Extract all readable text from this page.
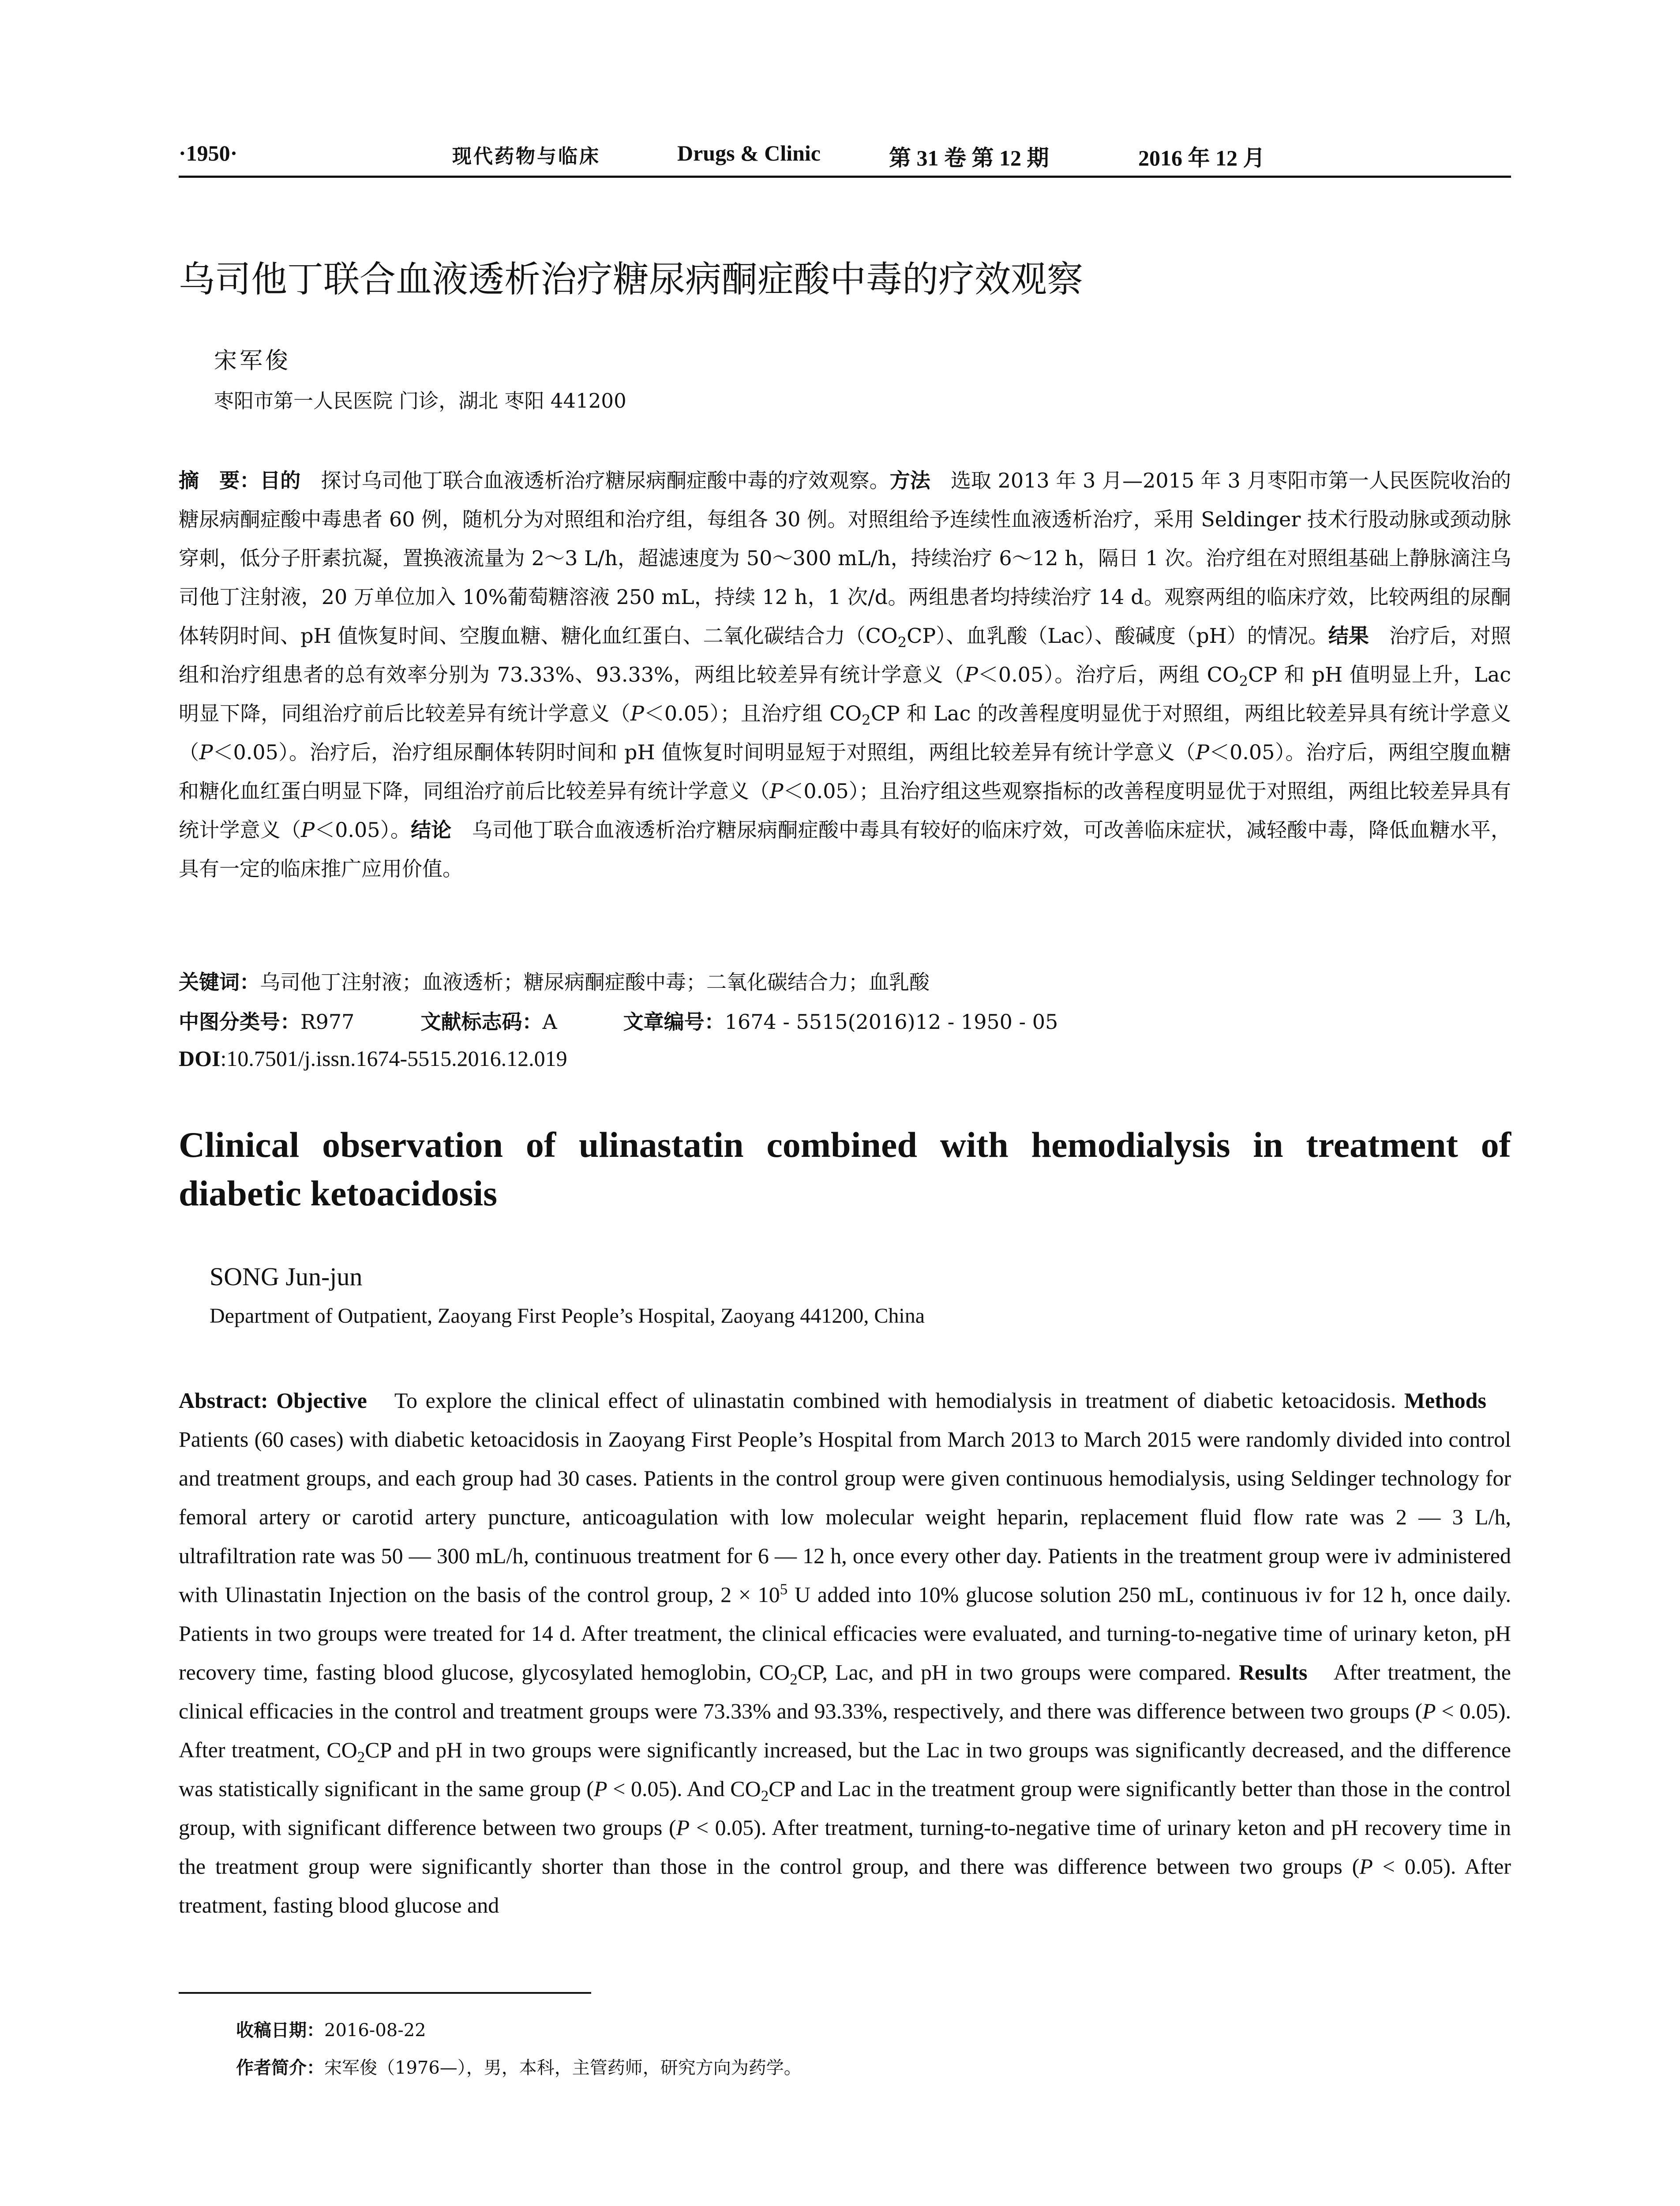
·1950·	现代药物与临床	Drugs & Clinic	第 31 卷 第 12 期	2016 年 12 月
乌司他丁联合血液透析治疗糖尿病酮症酸中毒的疗效观察
宋军俊
枣阳市第一人民医院 门诊，湖北 枣阳 441200

摘　要：目的　探讨乌司他丁联合血液透析治疗糖尿病酮症酸中毒的疗效观察。方法　选取 2013 年 3 月—2015 年 3 月枣阳市第一人民医院收治的糖尿病酮症酸中毒患者 60 例，随机分为对照组和治疗组，每组各 30 例。对照组给予连续性血液透析治疗，采用 Seldinger 技术行股动脉或颈动脉穿刺，低分子肝素抗凝，置换液流量为 2～3 L/h，超滤速度为 50～300 mL/h，持续治疗 6～12 h，隔日 1 次。治疗组在对照组基础上静脉滴注乌司他丁注射液，20 万单位加入 10%葡萄糖溶液 250 mL，持续 12 h，1 次/d。两组患者均持续治疗 14 d。观察两组的临床疗效，比较两组的尿酮体转阴时间、pH 值恢复时间、空腹血糖、糖化血红蛋白、二氧化碳结合力$(CO_2CP)$、血乳酸（Lac）、酸碱度（pH）的情况。结果　治疗后，对照组和治疗组患者的总有效率分别为 73.33%、93.33%，两组比较差异有统计学意义（P＜0.05）。治疗后，两组 $CO_2CP$ 和 pH 值明显上升，Lac 明显下降，同组治疗前后比较差异有统计学意义（P＜0.05）；且治疗组 $CO_2CP$ 和 Lac 的改善程度明显优于对照组，两组比较差异具有统计学意义（P＜0.05）。治疗后，治疗组尿酮体转阴时间和 pH 值恢复时间明显短于对照组，两组比较差异有统计学意义（P＜0.05）。治疗后，两组空腹血糖和糖化血红蛋白明显下降，同组治疗前后比较差异有统计学意义（P＜0.05）；且治疗组这些观察指标的改善程度明显优于对照组，两组比较差异具有统计学意义（P＜0.05）。结论　乌司他丁联合血液透析治疗糖尿病酮症酸中毒具有较好的临床疗效，可改善临床症状，减轻酸中毒，降低血糖水平，具有一定的临床推广应用价值。

关键词：乌司他丁注射液；血液透析；糖尿病酮症酸中毒；二氧化碳结合力；血乳酸
中图分类号：R977	文献标志码：A	文章编号：1674 - 5515(2016)12 - 1950 - 05
DOI:10.7501/j.issn.1674-5515.2016.12.019
Clinical observation of ulinastatin combined with hemodialysis in treatment of diabetic ketoacidosis
SONG Jun-jun
Department of Outpatient, Zaoyang First People’s Hospital, Zaoyang 441200, China

Abstract: Objective　To explore the clinical effect of ulinastatin combined with hemodialysis in treatment of diabetic ketoacidosis. Methods　Patients (60 cases) with diabetic ketoacidosis in Zaoyang First People’s Hospital from March 2013 to March 2015 were randomly divided into control and treatment groups, and each group had 30 cases. Patients in the control group were given continuous hemodialysis, using Seldinger technology for femoral artery or carotid artery puncture, anticoagulation with low molecular weight heparin, replacement fluid flow rate was 2 — 3 L/h, ultrafiltration rate was 50 — 300 mL/h, continuous treatment for 6 — 12 h, once every other day. Patients in the treatment group were iv administered with Ulinastatin Injection on the basis of the control group, $2 \times 10^5$ U added into 10% glucose solution 250 mL, continuous iv for 12 h, once daily. Patients in two groups were treated for 14 d. After treatment, the clinical efficacies were evaluated, and turning-to-negative time of urinary keton, pH recovery time, fasting blood glucose, glycosylated hemoglobin, $CO_2CP$, Lac, and pH in two groups were compared. Results　After treatment, the clinical efficacies in the control and treatment groups were 73.33% and 93.33%, respectively, and there was difference between two groups (P < 0.05). After treatment, $CO_2CP$ and pH in two groups were significantly increased, but the Lac in two groups was significantly decreased, and the difference was statistically significant in the same group (P < 0.05). And $CO_2CP$ and Lac in the treatment group were significantly better than those in the control group, with significant difference between two groups (P < 0.05). After treatment, turning-to-negative time of urinary keton and pH recovery time in the treatment group were significantly shorter than those in the control group, and there was difference between two groups (P < 0.05). After treatment, fasting blood glucose and

收稿日期：2016-08-22
作者简介：宋军俊（1976—），男，本科，主管药师，研究方向为药学。
